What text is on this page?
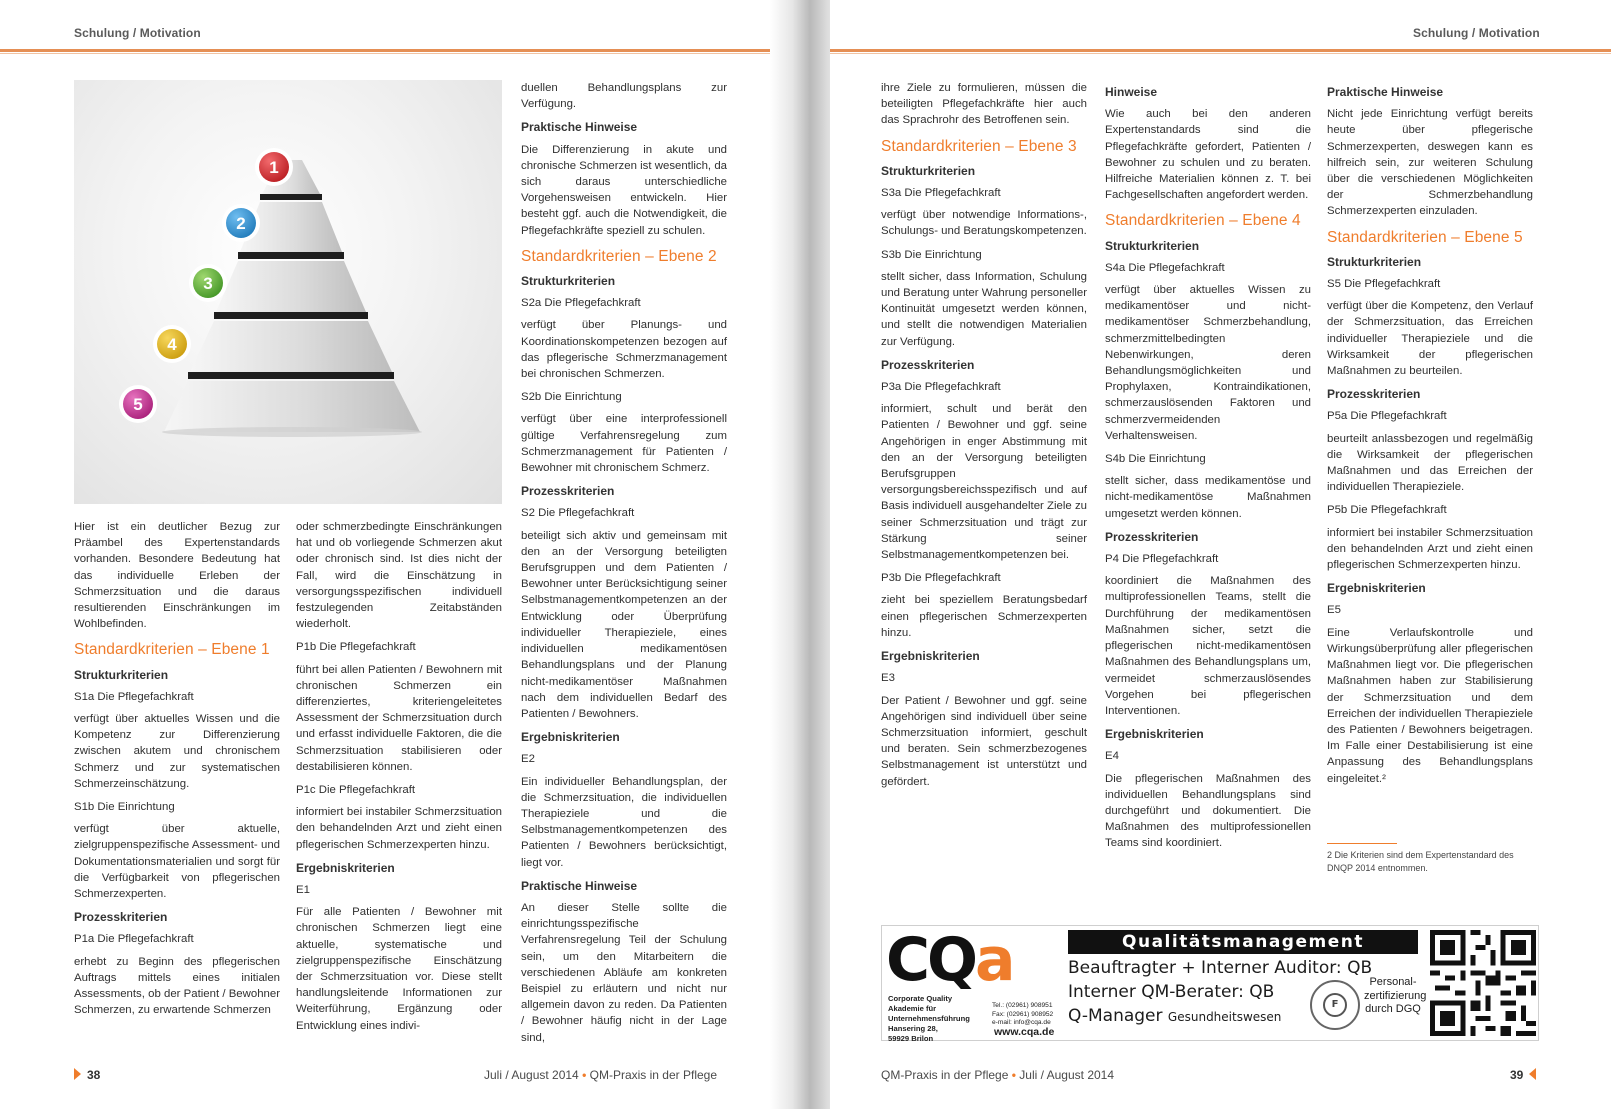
Schulung / Motivation
1
2
3
4
5

Hier ist ein deutlicher Bezug zur Präambel des Expertenstandards vorhanden. Besondere Bedeutung hat das individuelle Erleben der Schmerzsituation und die daraus resultierenden Einschränkungen im Wohlbefinden.

Standardkriterien – Ebene 1
Strukturkriterien
S1a Die Pflegefachkraft

verfügt über aktuelles Wissen und die Kompetenz zur Differenzierung zwischen akutem und chronischem Schmerz und zur systematischen Schmerzeinschätzung.

S1b Die Einrichtung

verfügt über aktuelle, zielgruppenspezifische Assessment- und Dokumentationsmaterialien und sorgt für die Verfügbarkeit von pflegerischen Schmerzexperten.

Prozesskriterien
P1a Die Pflegefachkraft

erhebt zu Beginn des pflegerischen Auftrags mittels eines initialen Assessments, ob der Patient / Bewohner Schmerzen, zu erwartende Schmerzen

oder schmerzbedingte Einschränkungen hat und ob vorliegende Schmerzen akut oder chronisch sind. Ist dies nicht der Fall, wird die Einschätzung in versorgungsspezifischen individuell festzulegenden Zeitabständen wiederholt.

P1b Die Pflegefachkraft

führt bei allen Patienten / Bewohnern mit chronischen Schmerzen ein differenziertes, kriteriengeleitetes Assessment der Schmerzsituation durch und erfasst individuelle Faktoren, die die Schmerzsituation stabilisieren oder destabilisieren können.

P1c Die Pflegefachkraft

informiert bei instabiler Schmerzsituation den behandelnden Arzt und zieht einen pflegerischen Schmerzexperten hinzu.

Ergebniskriterien
E1

Für alle Patienten / Bewohner mit chronischen Schmerzen liegt eine aktuelle, systematische und zielgruppenspezifische Einschätzung der Schmerzsituation vor. Diese stellt handlungsleitende Informationen zur Weiterführung, Ergänzung oder Entwicklung eines indivi-

duellen Behandlungsplans zur Verfügung.

Praktische Hinweise

Die Differenzierung in akute und chronische Schmerzen ist wesentlich, da sich daraus unterschiedliche Vorgehensweisen entwickeln. Hier besteht ggf. auch die Notwendigkeit, die Pflegefachkräfte speziell zu schulen.

Standardkriterien – Ebene 2
Strukturkriterien
S2a Die Pflegefachkraft

verfügt über Planungs- und Koordinationskompetenzen bezogen auf das pflegerische Schmerzmanagement bei chronischen Schmerzen.

S2b Die Einrichtung

verfügt über eine interprofessionell gültige Verfahrensregelung zum Schmerzmanagement für Patienten / Bewohner mit chronischem Schmerz.

Prozesskriterien
S2 Die Pflegefachkraft

beteiligt sich aktiv und gemeinsam mit den an der Versorgung beteiligten Berufsgruppen und dem Patienten / Bewohner unter Berücksichtigung seiner Selbstmanagementkompetenzen an der Entwicklung oder Überprüfung individueller Therapieziele, eines individuellen medikamentösen Behandlungsplans und der Planung nicht-medikamentöser Maßnahmen nach dem individuellen Bedarf des Patienten / Bewohners.

Ergebniskriterien
E2

Ein individueller Behandlungsplan, der die Schmerzsituation, die individuellen Therapieziele und die Selbstmanagementkompetenzen des Patienten / Bewohners berücksichtigt, liegt vor.

Praktische Hinweise

An dieser Stelle sollte die einrichtungsspezifische Verfahrensregelung Teil der Schulung sein, um den Mitarbeitern die verschiedenen Abläufe am konkreten Beispiel zu erläutern und nicht nur allgemein davon zu reden. Da Patienten / Bewohner häufig nicht in der Lage sind,

38	Juli / August 2014 • QM-Praxis in der Pflege
Schulung / Motivation

ihre Ziele zu formulieren, müssen die beteiligten Pflegefachkräfte hier auch das Sprachrohr des Betroffenen sein.

Standardkriterien – Ebene 3
Strukturkriterien
S3a Die Pflegefachkraft

verfügt über notwendige Informations-, Schulungs- und Beratungskompetenzen.

S3b Die Einrichtung

stellt sicher, dass Information, Schulung und Beratung unter Wahrung personeller Kontinuität umgesetzt werden können, und stellt die notwendigen Materialien zur Verfügung.

Prozesskriterien
P3a Die Pflegefachkraft

informiert, schult und berät den Patienten / Bewohner und ggf. seine Angehörigen in enger Abstimmung mit den an der Versorgung beteiligten Berufsgruppen versorgungsbereichsspezifisch und auf Basis individuell ausgehandelter Ziele zu seiner Schmerzsituation und trägt zur Stärkung seiner Selbstmanagementkompetenzen bei.

P3b Die Pflegefachkraft

zieht bei speziellem Beratungsbedarf einen pflegerischen Schmerzexperten hinzu.

Ergebniskriterien
E3

Der Patient / Bewohner und ggf. seine Angehörigen sind individuell über seine Schmerzsituation informiert, geschult und beraten. Sein schmerzbezogenes Selbstmanagement ist unterstützt und gefördert.

Hinweise

Wie auch bei den anderen Expertenstandards sind die Pflegefachkräfte gefordert, Patienten / Bewohner zu schulen und zu beraten. Hilfreiche Materialien können z. T. bei Fachgesellschaften angefordert werden.

Standardkriterien – Ebene 4
Strukturkriterien
S4a Die Pflegefachkraft

verfügt über aktuelles Wissen zu medikamentöser und nicht-medikamentöser Schmerzbehandlung, schmerzmittelbedingten Nebenwirkungen, deren Behandlungsmöglichkeiten und Prophylaxen, Kontraindikationen, schmerzauslösenden Faktoren und schmerzvermeidenden Verhaltensweisen.

S4b Die Einrichtung

stellt sicher, dass medikamentöse und nicht-medikamentöse Maßnahmen umgesetzt werden können.

Prozesskriterien
P4 Die Pflegefachkraft

koordiniert die Maßnahmen des multiprofessionellen Teams, stellt die Durchführung der medikamentösen Maßnahmen sicher, setzt die pflegerischen nicht-medikamentösen Maßnahmen des Behandlungsplans um, vermeidet schmerzauslösendes Vorgehen bei pflegerischen Interventionen.

Ergebniskriterien
E4

Die pflegerischen Maßnahmen des individuellen Behandlungsplans sind durchgeführt und dokumentiert. Die Maßnahmen des multiprofessionellen Teams sind koordiniert.

Praktische Hinweise

Nicht jede Einrichtung verfügt bereits heute über pflegerische Schmerzexperten, deswegen kann es hilfreich sein, zur weiteren Schulung über die verschiedenen Möglichkeiten der Schmerzbehandlung Schmerzexperten einzuladen.

Standardkriterien – Ebene 5
Strukturkriterien
S5 Die Pflegefachkraft

verfügt über die Kompetenz, den Verlauf der Schmerzsituation, das Erreichen individueller Therapieziele und die Wirksamkeit der pflegerischen Maßnahmen zu beurteilen.

Prozesskriterien
P5a Die Pflegefachkraft

beurteilt anlassbezogen und regelmäßig die Wirksamkeit der pflegerischen Maßnahmen und das Erreichen der individuellen Therapieziele.

P5b Die Pflegefachkraft

informiert bei instabiler Schmerzsituation den behandelnden Arzt und zieht einen pflegerischen Schmerzexperten hinzu.

Ergebniskriterien
E5

Eine Verlaufskontrolle und Wirkungsüberprüfung aller pflegerischen Maßnahmen liegt vor. Die pflegerischen Maßnahmen haben zur Stabilisierung der Schmerzsituation und dem Erreichen der individuellen Therapieziele des Patienten / Bewohners beigetragen. Im Falle einer Destabilisierung ist eine Anpassung des Behandlungsplans eingeleitet.²

2 Die Kriterien sind dem Expertenstandard des DNQP 2014 entnommen.
CQa
Corporate Quality
Akademie für
Unternehmensführung
Hansering 28,
59929 Brilon
Tel.: (02961) 908951
Fax: (02961) 908952
e-mail: info@cqa.de
www.cqa.de
Qualitätsmanagement
Beauftragter + Interner Auditor: QB
Interner QM-Berater: QB
Q-Manager Gesundheitswesen
F
Personal-
zertifizierung
durch DGQ
QM-Praxis in der Pflege • Juli / August 2014	39
